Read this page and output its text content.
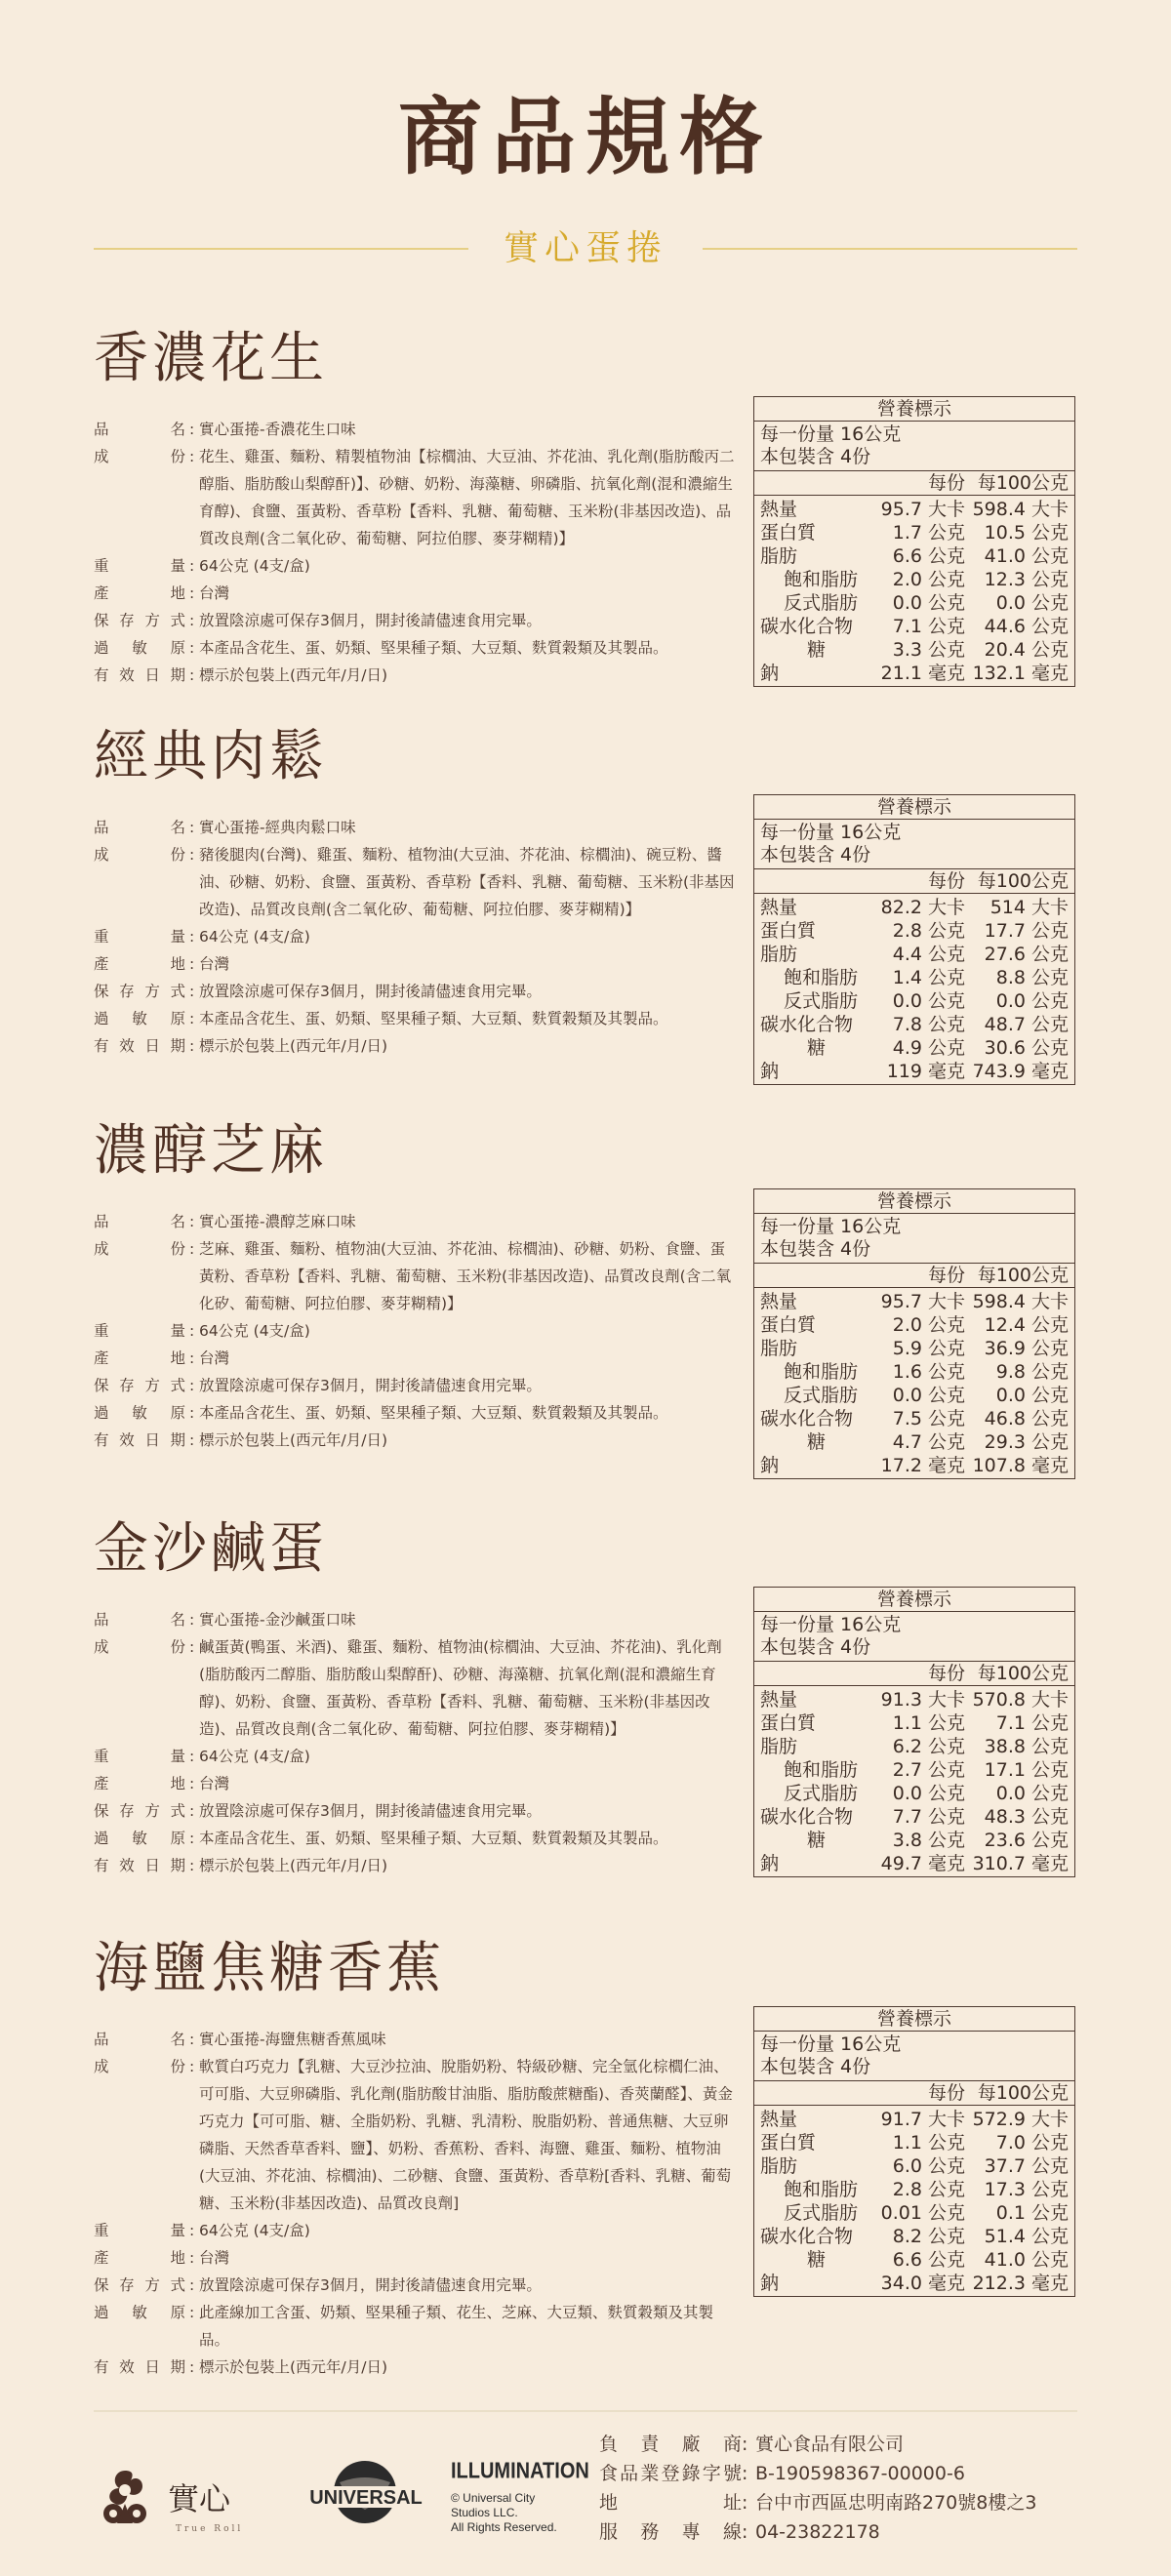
商品規格
實心蛋捲
香濃花生
品	名 : 實心蛋捲-香濃花生口味
成	份 : 花生、雞蛋、麵粉、精製植物油【棕櫚油、大豆油、芥花油、乳化劑(脂肪酸丙二醇脂、脂肪酸山梨醇酐)】、砂糖、奶粉、海藻糖、卵磷脂、抗氧化劑(混和濃縮生育醇)、食鹽、蛋黃粉、香草粉【香料、乳糖、葡萄糖、玉米粉(非基因改造)、品質改良劑(含二氧化矽、葡萄糖、阿拉伯膠、麥芽糊精)】
重	量 : 64公克 (4支/盒)
產	地 : 台灣
保 存 方 式 : 放置陰涼處可保存3個月，開封後請儘速食用完畢。
過 敏 原 : 本產品含花生、蛋、奶類、堅果種子類、大豆類、麩質穀類及其製品。
有 效 日 期 : 標示於包裝上(西元年/月/日)
營養標示
每一份量 16公克
本包裝含 4份
每份 每100公克
熱量	95.7 大卡 598.4 大卡
蛋白質	1.7 公克	10.5 公克
脂肪	6.6 公克	41.0 公克
飽和脂肪	2.0 公克	12.3 公克
反式脂肪	0.0 公克	0.0 公克
碳水化合物	7.1 公克	44.6 公克
糖	3.3 公克	20.4 公克
鈉	21.1 毫克 132.1 毫克
經典肉鬆
品	名 : 實心蛋捲-經典肉鬆口味
成	份 : 豬後腿肉(台灣)、雞蛋、麵粉、植物油(大豆油、芥花油、棕櫚油)、碗豆粉、醬油、砂糖、奶粉、食鹽、蛋黃粉、香草粉【香料、乳糖、葡萄糖、玉米粉(非基因改造)、品質改良劑(含二氧化矽、葡萄糖、阿拉伯膠、麥芽糊精)】
重	量 : 64公克 (4支/盒)
產	地 : 台灣
保 存 方 式 : 放置陰涼處可保存3個月，開封後請儘速食用完畢。
過 敏 原 : 本產品含花生、蛋、奶類、堅果種子類、大豆類、麩質穀類及其製品。
有 效 日 期 : 標示於包裝上(西元年/月/日)
營養標示
每一份量 16公克
本包裝含 4份
每份 每100公克
熱量	82.2 大卡	514 大卡
蛋白質	2.8 公克	17.7 公克
脂肪	4.4 公克	27.6 公克
飽和脂肪	1.4 公克	8.8 公克
反式脂肪	0.0 公克	0.0 公克
碳水化合物	7.8 公克	48.7 公克
糖	4.9 公克	30.6 公克
鈉	119 毫克 743.9 毫克
濃醇芝麻
品	名 : 實心蛋捲-濃醇芝麻口味
成	份 : 芝麻、雞蛋、麵粉、植物油(大豆油、芥花油、棕櫚油)、砂糖、奶粉、食鹽、蛋黃粉、香草粉【香料、乳糖、葡萄糖、玉米粉(非基因改造)、品質改良劑(含二氧化矽、葡萄糖、阿拉伯膠、麥芽糊精)】
重	量 : 64公克 (4支/盒)
產	地 : 台灣
保 存 方 式 : 放置陰涼處可保存3個月，開封後請儘速食用完畢。
過 敏 原 : 本產品含花生、蛋、奶類、堅果種子類、大豆類、麩質穀類及其製品。
有 效 日 期 : 標示於包裝上(西元年/月/日)
營養標示
每一份量 16公克
本包裝含 4份
每份 每100公克
熱量	95.7 大卡 598.4 大卡
蛋白質	2.0 公克	12.4 公克
脂肪	5.9 公克	36.9 公克
飽和脂肪	1.6 公克	9.8 公克
反式脂肪	0.0 公克	0.0 公克
碳水化合物	7.5 公克	46.8 公克
糖	4.7 公克	29.3 公克
鈉	17.2 毫克 107.8 毫克
金沙鹹蛋
品	名 : 實心蛋捲-金沙鹹蛋口味
成	份 : 鹹蛋黃(鴨蛋、米酒)、雞蛋、麵粉、植物油(棕櫚油、大豆油、芥花油)、乳化劑(脂肪酸丙二醇脂、脂肪酸山梨醇酐)、砂糖、海藻糖、抗氧化劑(混和濃縮生育醇)、奶粉、食鹽、蛋黃粉、香草粉【香料、乳糖、葡萄糖、玉米粉(非基因改造)、品質改良劑(含二氧化矽、葡萄糖、阿拉伯膠、麥芽糊精)】
重	量 : 64公克 (4支/盒)
產	地 : 台灣
保 存 方 式 : 放置陰涼處可保存3個月，開封後請儘速食用完畢。
過 敏 原 : 本產品含花生、蛋、奶類、堅果種子類、大豆類、麩質穀類及其製品。
有 效 日 期 : 標示於包裝上(西元年/月/日)
營養標示
每一份量 16公克
本包裝含 4份
每份 每100公克
熱量	91.3 大卡 570.8 大卡
蛋白質	1.1 公克	7.1 公克
脂肪	6.2 公克	38.8 公克
飽和脂肪	2.7 公克	17.1 公克
反式脂肪	0.0 公克	0.0 公克
碳水化合物	7.7 公克	48.3 公克
糖	3.8 公克	23.6 公克
鈉	49.7 毫克 310.7 毫克
海鹽焦糖香蕉
品	名 : 實心蛋捲-海鹽焦糖香蕉風味
成	份 : 軟質白巧克力【乳糖、大豆沙拉油、脫脂奶粉、特級砂糖、完全氫化棕櫚仁油、可可脂、大豆卵磷脂、乳化劑(脂肪酸甘油脂、脂肪酸蔗糖酯)、香莢蘭醛】、黃金巧克力【可可脂、糖、全脂奶粉、乳糖、乳清粉、脫脂奶粉、普通焦糖、大豆卵磷脂、天然香草香料、鹽】、奶粉、香蕉粉、香料、海鹽、雞蛋、麵粉、植物油(大豆油、芥花油、棕櫚油)、二砂糖、食鹽、蛋黃粉、香草粉[香料、乳糖、葡萄糖、玉米粉(非基因改造)、品質改良劑]
重	量 : 64公克 (4支/盒)
產	地 : 台灣
保 存 方 式 : 放置陰涼處可保存3個月，開封後請儘速食用完畢。
過 敏 原 : 此產線加工含蛋、奶類、堅果種子類、花生、芝麻、大豆類、麩質穀類及其製品。
有 效 日 期 : 標示於包裝上(西元年/月/日)
營養標示
每一份量 16公克
本包裝含 4份
每份 每100公克
熱量	91.7 大卡 572.9 大卡
蛋白質	1.1 公克	7.0 公克
脂肪	6.0 公克	37.7 公克
飽和脂肪	2.8 公克	17.3 公克
反式脂肪	0.01 公克	0.1 公克
碳水化合物	8.2 公克	51.4 公克
糖	6.6 公克	41.0 公克
鈉	34.0 毫克 212.3 毫克
實心
True Roll
UNIVERSAL
ILLUMINATION
© Universal City
Studios LLC.
All Rights Reserved.
負 責 廠 商 : 實心食品有限公司
食 品 業 登 錄 字 號 : B-190598367-00000-6
地	址 : 台中市西區忠明南路270號8樓之3
服 務 專 線 : 04-23822178
